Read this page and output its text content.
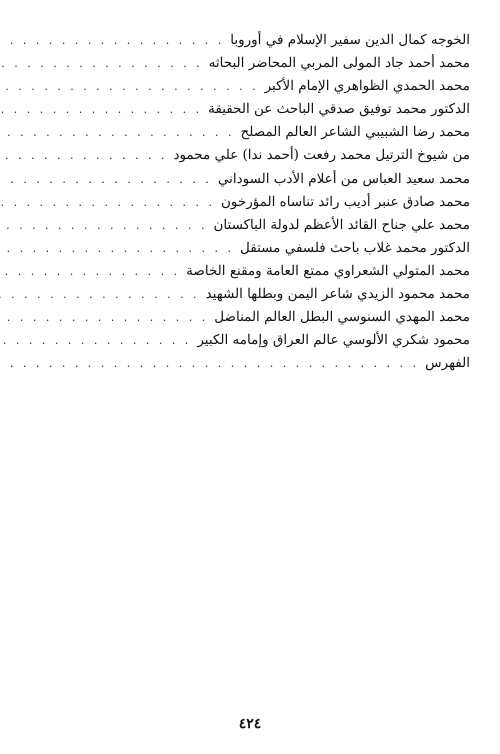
الخوجه كمال الدين سفير الإسلام في أوروبا
. . .
محمد أحمد جاد المولى المربي المحاضر البحاثه
. . .
محمد الحمدي الظواهري الإمام الأكبر
. . .
الدكتور محمد توفيق صدقي الباحث عن الحقيقة
. . .
محمد رضا الشبيبي الشاعر العالم المصلح
. . .
من شيوخ الترتيل محمد رفعت (أحمد ندا) علي محمود
. . .
محمد سعيد العباس من أعلام الأدب السوداني
. . .
محمد صادق عنبر أديب رائد تناساه المؤرخون
. . .
محمد علي جناح القائد الأعظم لدولة الباكستان
. . .
الدكتور محمد غلاب باحث فلسفي مستقل
. . .
محمد المتولي الشعراوي ممتع العامة ومقنع الخاصة
. . .
محمد محمود الزيدي شاعر اليمن وبطلها الشهيد
. . .
محمد المهدي السنوسي البطل العالم المناضل
. . .
محمود شكري الألوسي عالم العراق وإمامه الكبير
. . .
الفهرس
. . .
٤٢٤
